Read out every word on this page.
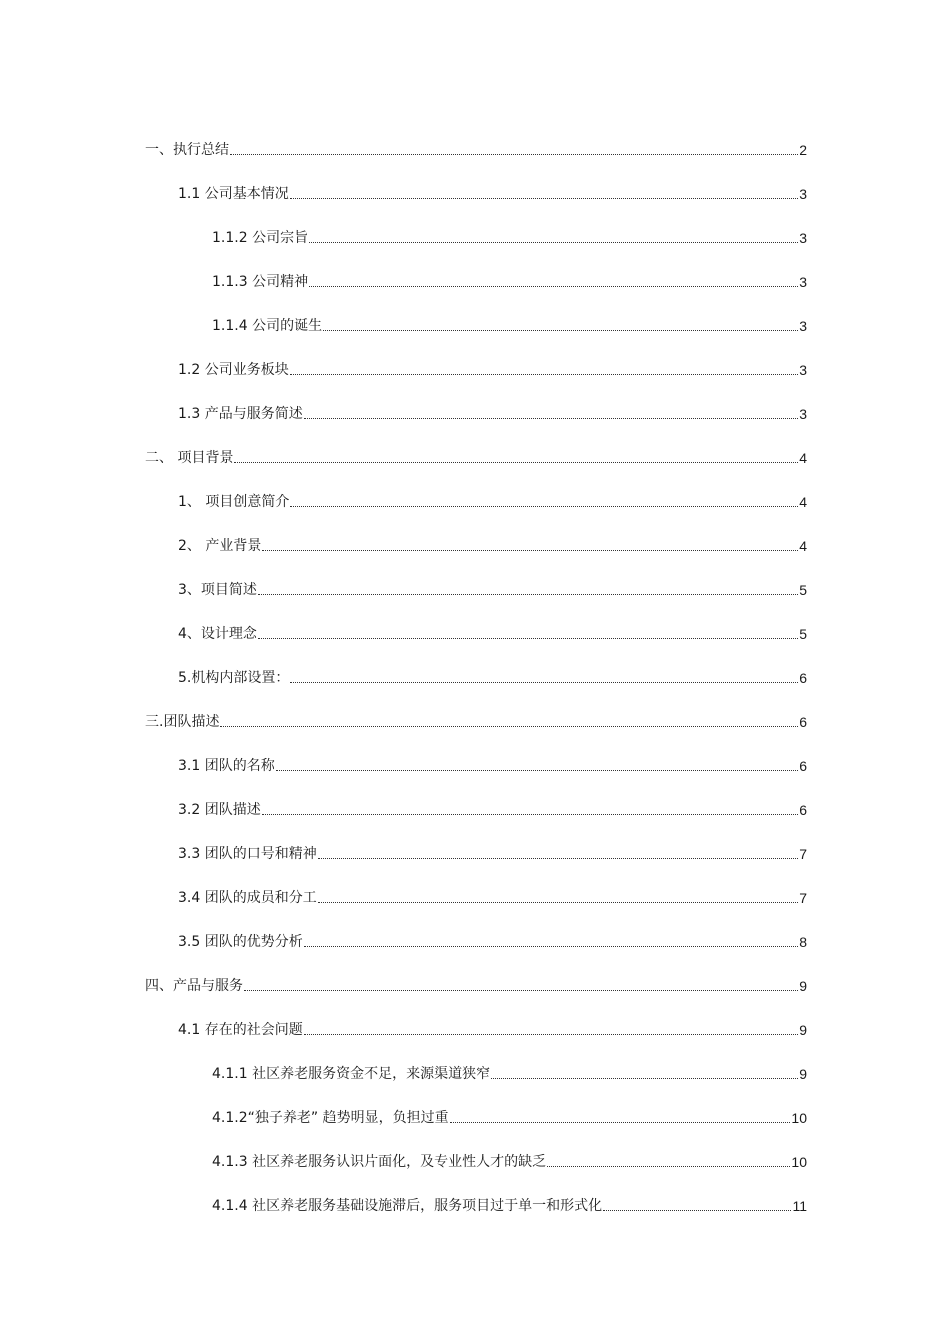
一、执行总结	2
1.1 公司基本情况	3
1.1.2 公司宗旨	3
1.1.3 公司精神	3
1.1.4 公司的诞生	3
1.2 公司业务板块	3
1.3 产品与服务简述	3
二、 项目背景	4
1、 项目创意简介	4
2、 产业背景	4
3、项目简述	5
4、设计理念	5
5.机构内部设置：	6
三.团队描述	6
3.1 团队的名称	6
3.2 团队描述	6
3.3 团队的口号和精神	7
3.4 团队的成员和分工	7
3.5 团队的优势分析	8
四、产品与服务	9
4.1 存在的社会问题	9
4.1.1 社区养老服务资金不足，来源渠道狭窄	9
4.1.2“独子养老” 趋势明显，负担过重	10
4.1.3 社区养老服务认识片面化，及专业性人才的缺乏	10
4.1.4 社区养老服务基础设施滞后，服务项目过于单一和形式化	11
